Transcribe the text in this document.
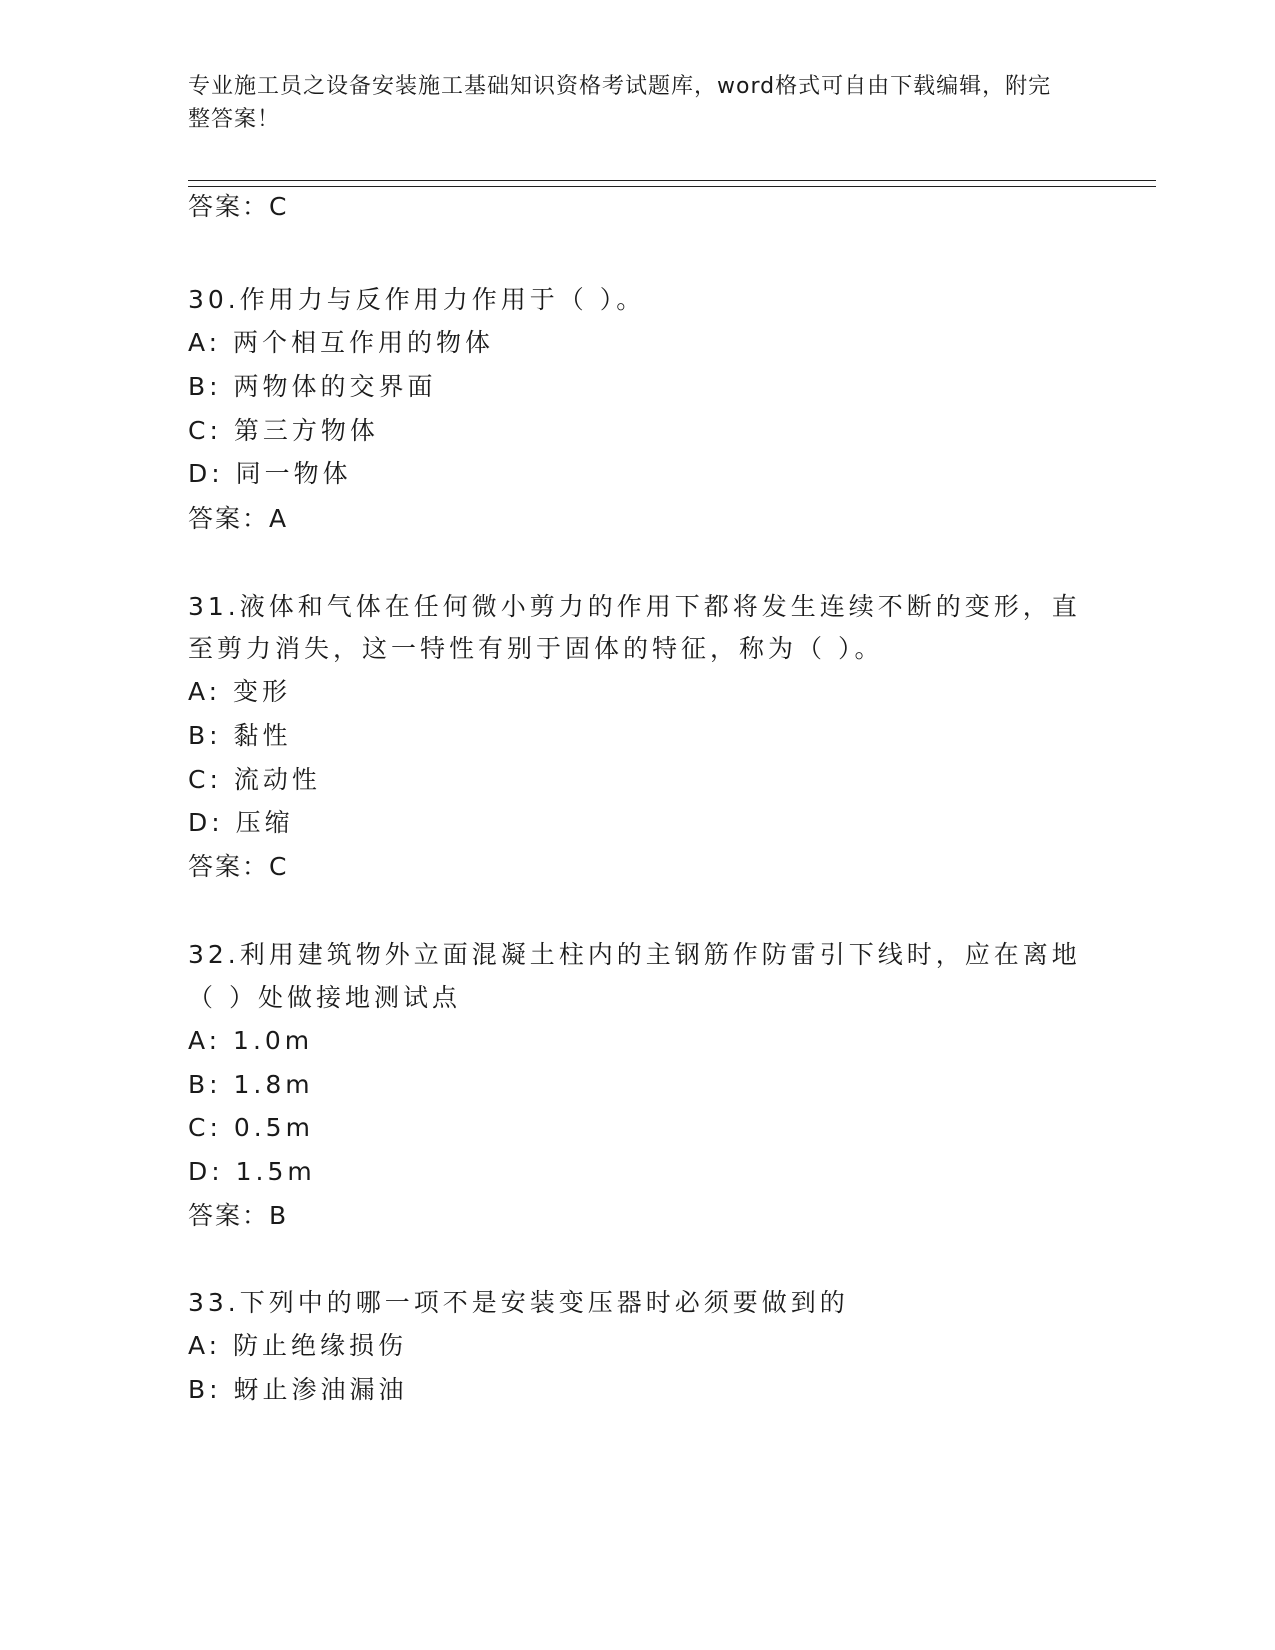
专业施工员之设备安装施工基础知识资格考试题库，word格式可自由下载编辑，附完整答案！
答案：C
30.作用力与反作用力作用于（ ）。
A: 两个相互作用的物体
B: 两物体的交界面
C: 第三方物体
D: 同一物体
答案：A
31.液体和气体在任何微小剪力的作用下都将发生连续不断的变形，直
至剪力消失，这一特性有别于固体的特征，称为（ ）。
A: 变形
B: 黏性
C: 流动性
D: 压缩
答案：C
32.利用建筑物外立面混凝土柱内的主钢筋作防雷引下线时，应在离地
（ ）处做接地测试点
A: 1.0m
B: 1.8m
C: 0.5m
D: 1.5m
答案：B
33.下列中的哪一项不是安装变压器时必须要做到的
A: 防止绝缘损伤
B: 蚜止渗油漏油
